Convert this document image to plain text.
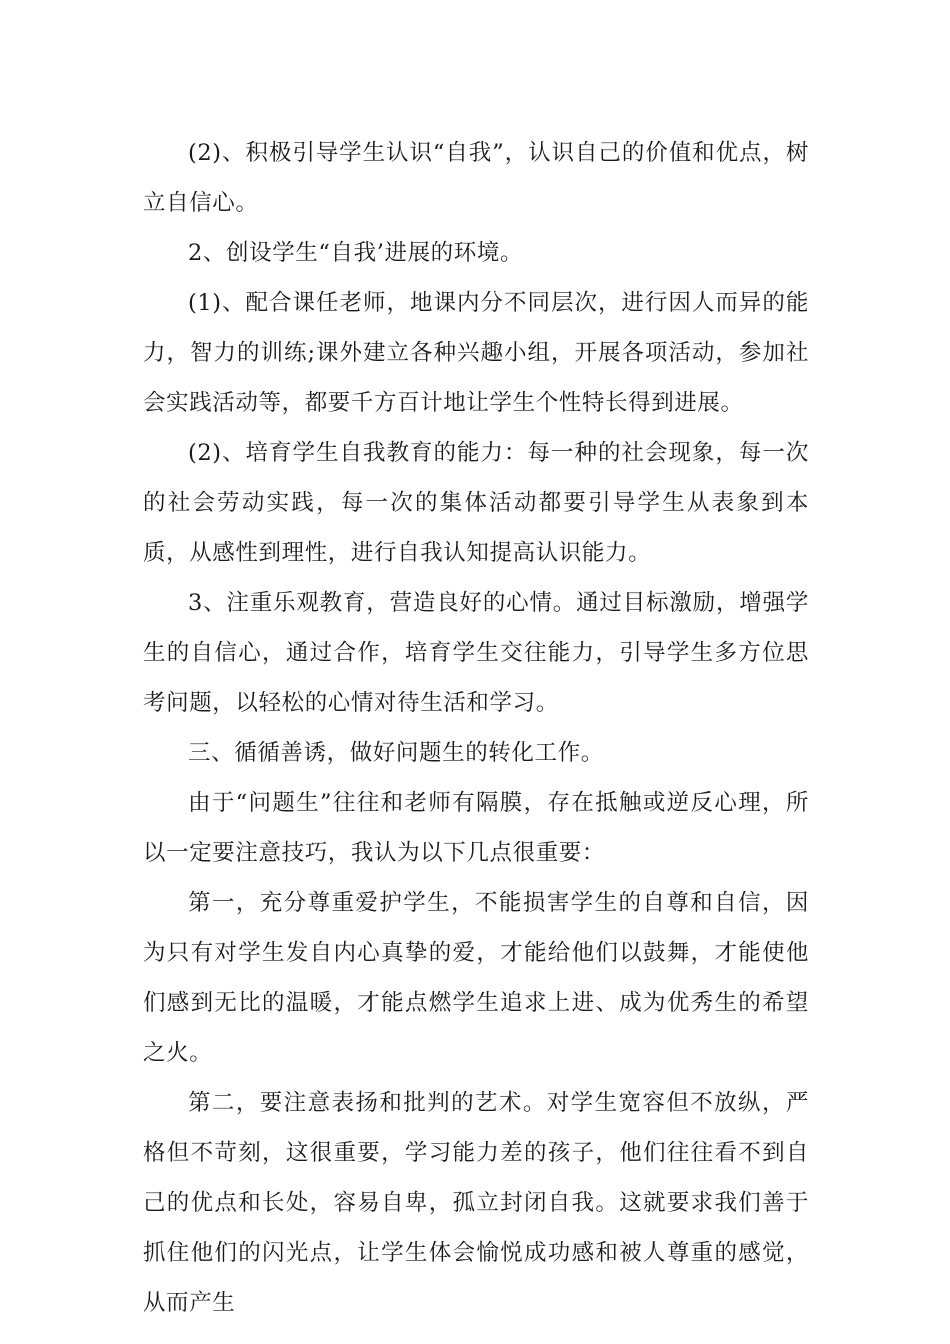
(2)、积极引导学生认识“自我”，认识自己的价值和优点，树立自信心。

2、创设学生“自我’进展的环境。

(1)、配合课任老师，地课内分不同层次，进行因人而异的能力，智力的训练;课外建立各种兴趣小组，开展各项活动，参加社会实践活动等，都要千方百计地让学生个性特长得到进展。

(2)、培育学生自我教育的能力：每一种的社会现象，每一次的社会劳动实践，每一次的集体活动都要引导学生从表象到本质，从感性到理性，进行自我认知提高认识能力。

3、注重乐观教育，营造良好的心情。通过目标激励，增强学生的自信心，通过合作，培育学生交往能力，引导学生多方位思考问题，以轻松的心情对待生活和学习。

三、循循善诱，做好问题生的转化工作。

由于“问题生”往往和老师有隔膜，存在抵触或逆反心理，所以一定要注意技巧，我认为以下几点很重要：

第一，充分尊重爱护学生，不能损害学生的自尊和自信，因为只有对学生发自内心真挚的爱，才能给他们以鼓舞，才能使他们感到无比的温暖，才能点燃学生追求上进、成为优秀生的希望之火。

第二，要注意表扬和批判的艺术。对学生宽容但不放纵，严格但不苛刻，这很重要，学习能力差的孩子，他们往往看不到自己的优点和长处，容易自卑，孤立封闭自我。这就要求我们善于抓住他们的闪光点，让学生体会愉悦成功感和被人尊重的感觉，从而产生
